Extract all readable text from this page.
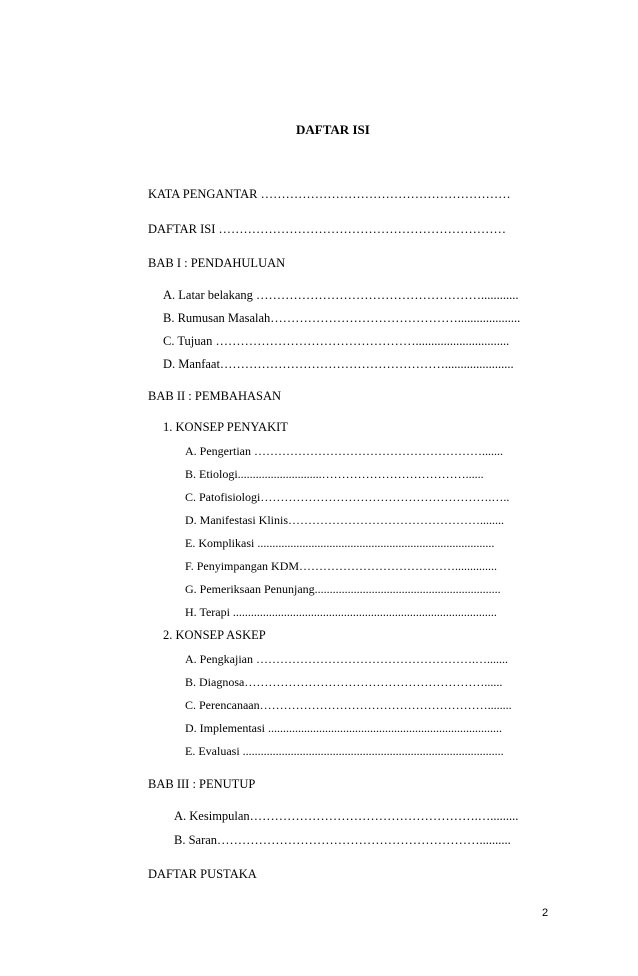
DAFTAR ISI
KATA PENGANTAR ……………………………………………………
DAFTAR ISI ……………………………………………………………
BAB I : PENDAHULUAN
A. Latar belakang ………………………………………………............
B. Rumusan Masalah………………………………………....................
C. Tujuan …………………………………………..............................
D. Manfaat………………………………………………......................
BAB II : PEMBAHASAN
1. KONSEP PENYAKIT
A. Pengertian ………………………………………………….......
B. Etiologi............................………………………………......
C. Patofisiologi………………………………………………….…..
D. Manifestasi Klinis…………………………………………........
E. Komplikasi ...............................................................................
F. Penyimpangan KDM…………………………………..............
G. Pemeriksaan Penunjang..............................................................
H. Terapi ........................................................................................
2. KONSEP ASKEP
A. Pengkajian ……………………………………………….….......
B. Diagnosa……………………………………………………......
C. Perencanaan…………………………………………………........
D. Implementasi ..............................................................................
E. Evaluasi .......................................................................................
BAB III : PENUTUP
A. Kesimpulan……………………………………………….….........
B. Saran………………………………………………………..........
DAFTAR PUSTAKA
2
